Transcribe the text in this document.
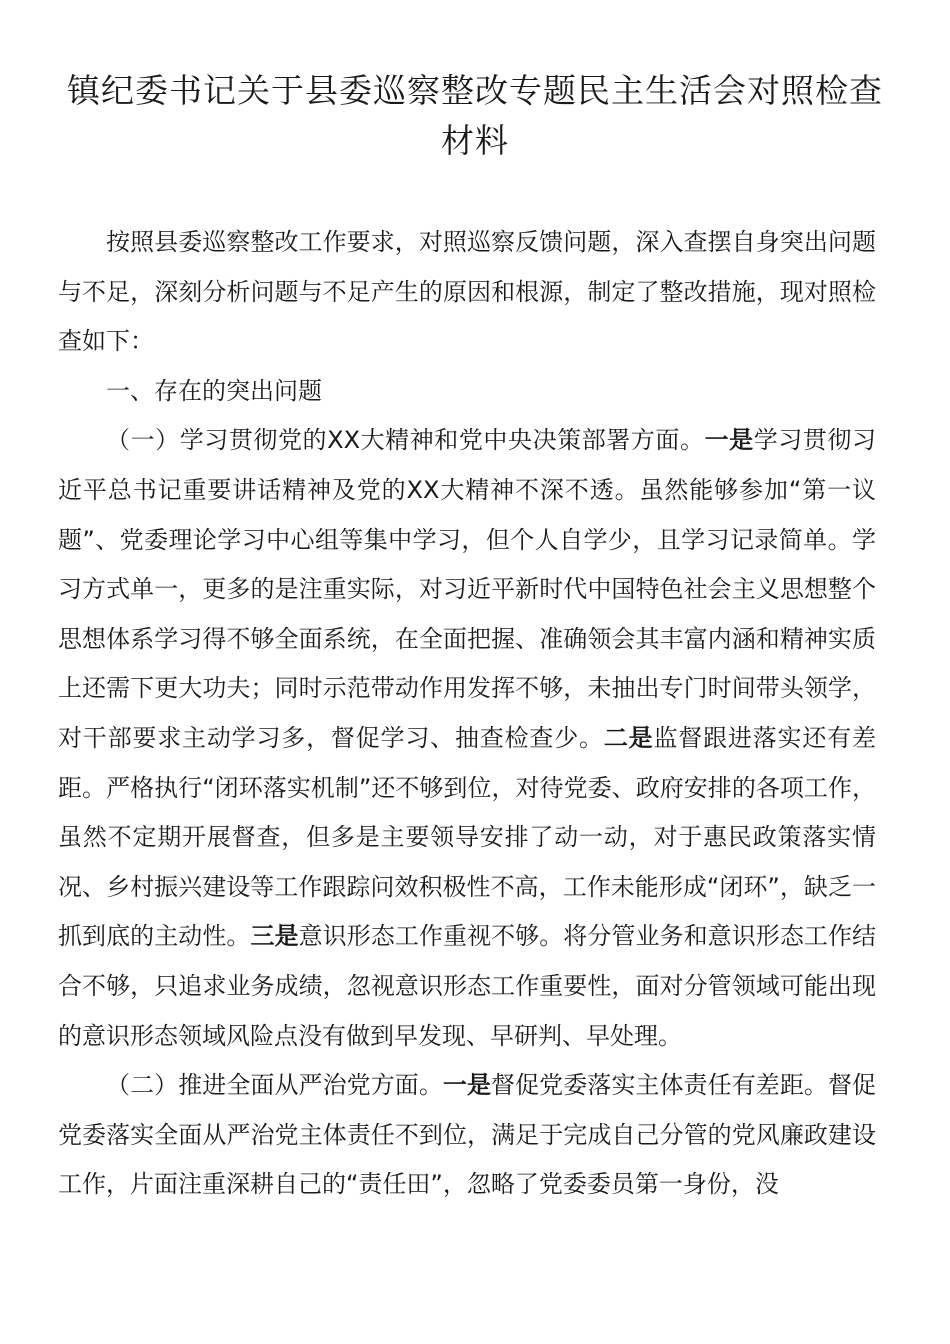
镇纪委书记关于县委巡察整改专题民主生活会对照检查材料

按照县委巡察整改工作要求，对照巡察反馈问题，深入查摆自身突出问题与不足，深刻分析问题与不足产生的原因和根源，制定了整改措施，现对照检查如下：

一、存在的突出问题

（一）学习贯彻党的XX大精神和党中央决策部署方面。一是学习贯彻习近平总书记重要讲话精神及党的XX大精神不深不透。虽然能够参加“第一议题”、党委理论学习中心组等集中学习，但个人自学少，且学习记录简单。学习方式单一，更多的是注重实际，对习近平新时代中国特色社会主义思想整个思想体系学习得不够全面系统，在全面把握、准确领会其丰富内涵和精神实质上还需下更大功夫；同时示范带动作用发挥不够，未抽出专门时间带头领学，对干部要求主动学习多，督促学习、抽查检查少。二是监督跟进落实还有差距。严格执行“闭环落实机制”还不够到位，对待党委、政府安排的各项工作，虽然不定期开展督查，但多是主要领导安排了动一动，对于惠民政策落实情况、乡村振兴建设等工作跟踪问效积极性不高，工作未能形成“闭环”，缺乏一抓到底的主动性。三是意识形态工作重视不够。将分管业务和意识形态工作结合不够，只追求业务成绩，忽视意识形态工作重要性，面对分管领域可能出现的意识形态领域风险点没有做到早发现、早研判、早处理。

（二）推进全面从严治党方面。一是督促党委落实主体责任有差距。督促党委落实全面从严治党主体责任不到位，满足于完成自己分管的党风廉政建设工作，片面注重深耕自己的“责任田”，忽略了党委委员第一身份，没
